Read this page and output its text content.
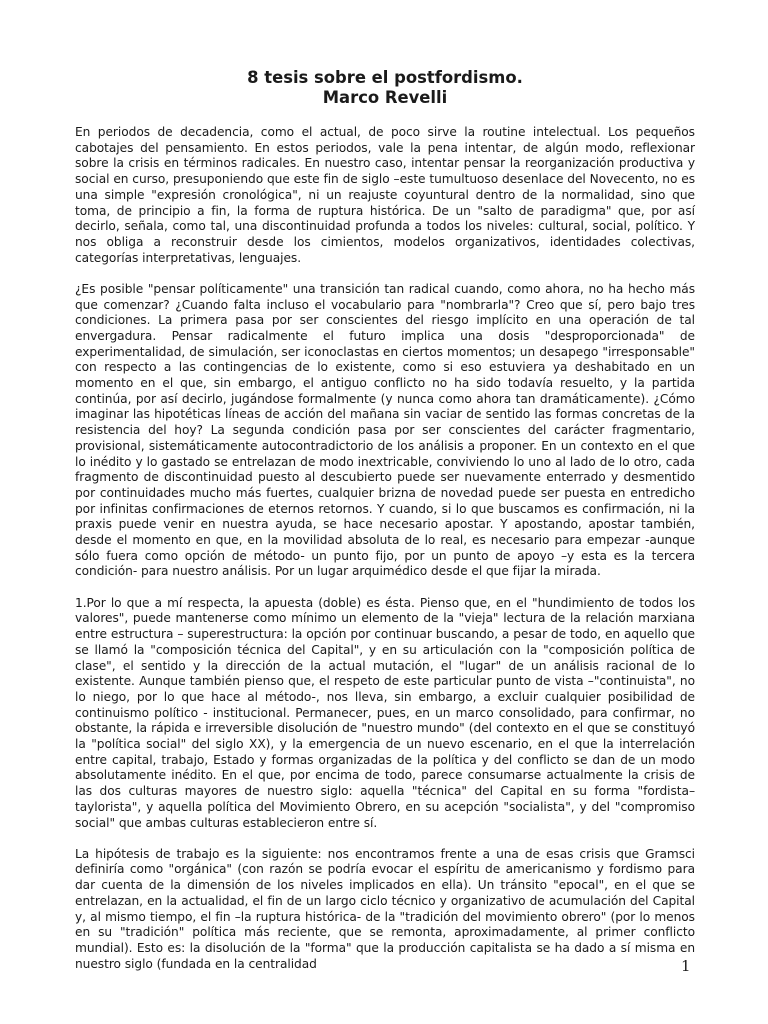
8 tesis sobre el postfordismo.

Marco Revelli

En periodos de decadencia, como el actual, de poco sirve la routine intelectual. Los pequeños cabotajes del pensamiento. En estos periodos, vale la pena intentar, de algún modo, reflexionar sobre la crisis en términos radicales. En nuestro caso, intentar pensar la reorganización productiva y social en curso, presuponiendo que este fin de siglo –este tumultuoso desenlace del Novecento, no es una simple "expresión cronológica", ni un reajuste coyuntural dentro de la normalidad, sino que toma, de principio a fin, la forma de ruptura histórica. De un "salto de paradigma" que, por así decirlo, señala, como tal, una discontinuidad profunda a todos los niveles: cultural, social, político. Y nos obliga a reconstruir desde los cimientos, modelos organizativos, identidades colectivas, categorías interpretativas, lenguajes.

¿Es posible "pensar políticamente" una transición tan radical cuando, como ahora, no ha hecho más que comenzar? ¿Cuando falta incluso el vocabulario para "nombrarla"? Creo que sí, pero bajo tres condiciones. La primera pasa por ser conscientes del riesgo implícito en una operación de tal envergadura. Pensar radicalmente el futuro implica una dosis "desproporcionada" de experimentalidad, de simulación, ser iconoclastas en ciertos momentos; un desapego "irresponsable" con respecto a las contingencias de lo existente, como si eso estuviera ya deshabitado en un momento en el que, sin embargo, el antiguo conflicto no ha sido todavía resuelto, y la partida continúa, por así decirlo, jugándose formalmente (y nunca como ahora tan dramáticamente). ¿Cómo imaginar las hipotéticas líneas de acción del mañana sin vaciar de sentido las formas concretas de la resistencia del hoy? La segunda condición pasa por ser conscientes del carácter fragmentario, provisional, sistemáticamente autocontradictorio de los análisis a proponer. En un contexto en el que lo inédito y lo gastado se entrelazan de modo inextricable, conviviendo lo uno al lado de lo otro, cada fragmento de discontinuidad puesto al descubierto puede ser nuevamente enterrado y desmentido por continuidades mucho más fuertes, cualquier brizna de novedad puede ser puesta en entredicho por infinitas confirmaciones de eternos retornos. Y cuando, si lo que buscamos es confirmación, ni la praxis puede venir en nuestra ayuda, se hace necesario apostar. Y apostando, apostar también, desde el momento en que, en la movilidad absoluta de lo real, es necesario para empezar -aunque sólo fuera como opción de método- un punto fijo, por un punto de apoyo –y esta es la tercera condición- para nuestro análisis. Por un lugar arquimédico desde el que fijar la mirada.

1.Por lo que a mí respecta, la apuesta (doble) es ésta. Pienso que, en el "hundimiento de todos los valores", puede mantenerse como mínimo un elemento de la "vieja" lectura de la relación marxiana entre estructura – superestructura: la opción por continuar buscando, a pesar de todo, en aquello que se llamó la "composición técnica del Capital", y en su articulación con la "composición política de clase", el sentido y la dirección de la actual mutación, el "lugar" de un análisis racional de lo existente. Aunque también pienso que, el respeto de este particular punto de vista –"continuista", no lo niego, por lo que hace al método-, nos lleva, sin embargo, a excluir cualquier posibilidad de continuismo político - institucional. Permanecer, pues, en un marco consolidado, para confirmar, no obstante, la rápida e irreversible disolución de "nuestro mundo" (del contexto en el que se constituyó la "política social" del siglo XX), y la emergencia de un nuevo escenario, en el que la interrelación entre capital, trabajo, Estado y formas organizadas de la política y del conflicto se dan de un modo absolutamente inédito. En el que, por encima de todo, parece consumarse actualmente la crisis de las dos culturas mayores de nuestro siglo: aquella "técnica" del Capital en su forma "fordista–taylorista", y aquella política del Movimiento Obrero, en su acepción "socialista", y del "compromiso social" que ambas culturas establecieron entre sí.

La hipótesis de trabajo es la siguiente: nos encontramos frente a una de esas crisis que Gramsci definiría como "orgánica" (con razón se podría evocar el espíritu de americanismo y fordismo para dar cuenta de la dimensión de los niveles implicados en ella). Un tránsito "epocal", en el que se entrelazan, en la actualidad, el fin de un largo ciclo técnico y organizativo de acumulación del Capital y, al mismo tiempo, el fin –la ruptura histórica- de la "tradición del movimiento obrero" (por lo menos en su "tradición" política más reciente, que se remonta, aproximadamente, al primer conflicto mundial). Esto es: la disolución de la "forma" que la producción capitalista se ha dado a sí misma en nuestro siglo (fundada en la centralidad	1
